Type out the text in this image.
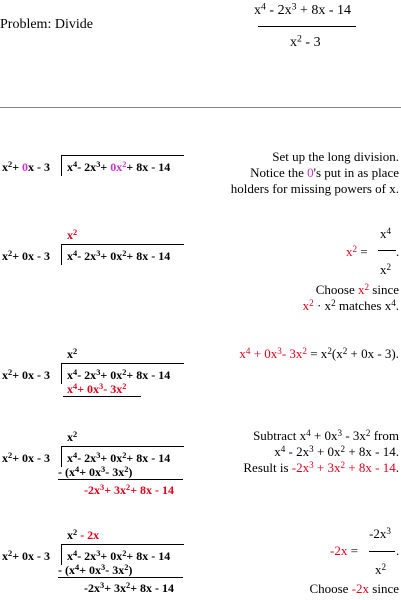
Problem: Divide
$x^4 - 2x^3 + 8x - 14$
$x^2 - 3$
$x^2+ 0x - 3$ $x^4-$ $2x^3+ 0x^2+ 8x - 14$
Set up the long division.
Notice the 0's put in as place
holders for missing powers of x.
$x^2$
$x^2+ 0x - 3$ $x^4-$ $2x^3+ 0x^2+ 8x - 14$	$x^2$ =
$x^4$
$x^2$
.
Choose $x^2$ since
$x^2 \cdot x^2$ matches $x^4$.
$x^2$
$x^2+ 0x - 3$ $x^4-$ $2x^3+ 0x^2+ 8x - 14$
$x^4+ 0x^3-$ $3x^2$
$x^4 + 0x^3-$ $3x^2 = x^2(x^2 + 0x - 3)$.
$x^2$
$x^2+ 0x - 3$ $x^4-$ $2x^3+ 0x^2+ 8x - 14$
- ($x^4+ 0x^3-$ $3x^2$)
$-2x^3+ 3x^2+ 8x - 14$
Subtract $x^4 + 0x^3 - 3x^2$ from
$x^4 - 2x^3 + 0x^2 + 8x - 14$.
Result is $-2x^3 + 3x^2 + 8x - 14$.
$x^2 - 2x$
$x^2+ 0x - 3$ $x^4-$ $2x^3+ 0x^2+ 8x - 14$
- ($x^4+ 0x^3-$ $3x^2$)
$-2x^3+ 3x^2+ 8x - 14$
-2x =
$-2x^3$
$x^2$
.
Choose -2x since
